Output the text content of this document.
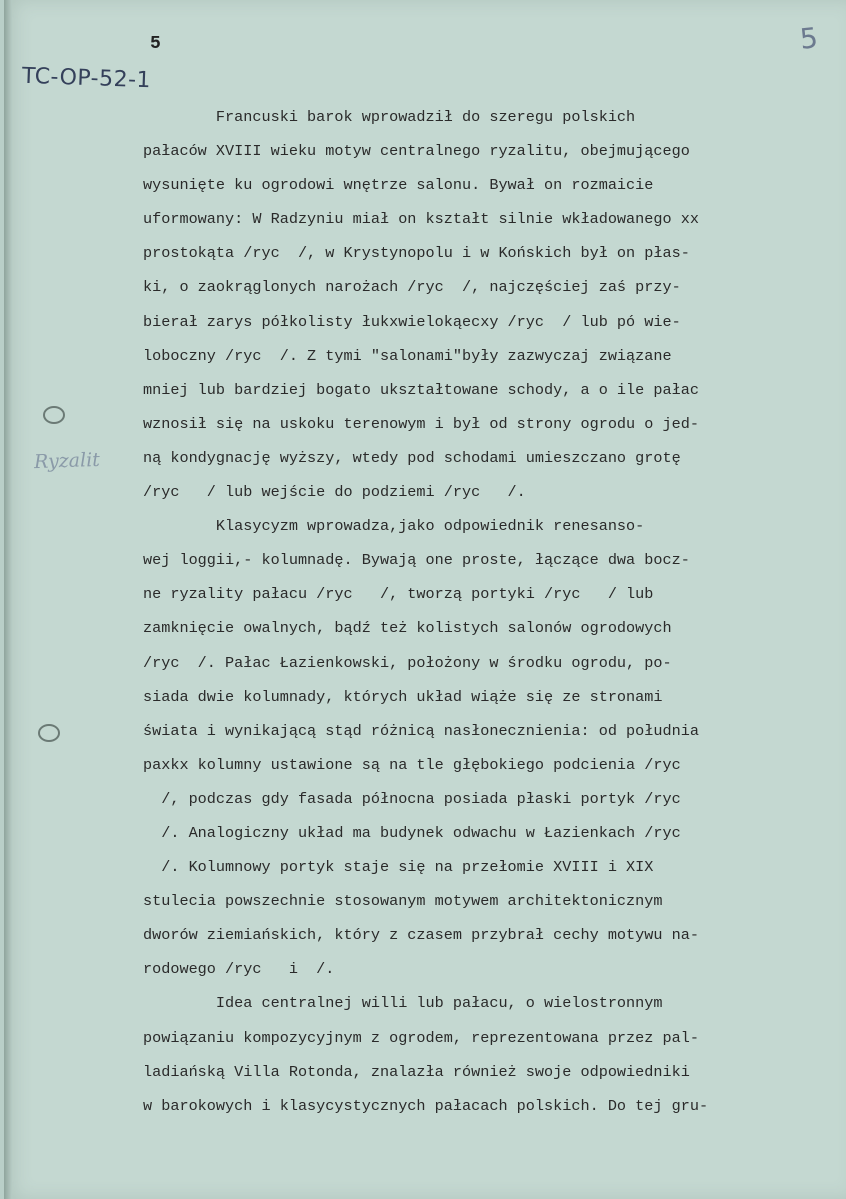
5	5
TC-OP-52-1
Ryzalit
Francuski barok wprowadził do szeregu polskich
pałaców XVIII wieku motyw centralnego ryzalitu, obejmującego
wysunięte ku ogrodowi wnętrze salonu. Bywał on rozmaicie
uformowany: W Radzyniu miał on kształt silnie wkładowanego xx
prostokąta /ryc  /, w Krystynopolu i w Końskich był on płas-
ki, o zaokrąglonych narożach /ryc  /, najczęściej zaś przy-
bierał zarys półkolisty łukxwielokąecxy /ryc  / lub pó wie-
loboczny /ryc  /. Z tymi "salonami"były zazwyczaj związane
mniej lub bardziej bogato ukształtowane schody, a o ile pałac
wznosił się na uskoku terenowym i był od strony ogrodu o jed-
ną kondygnację wyższy, wtedy pod schodami umieszczano grotę
/ryc   / lub wejście do podziemi /ryc   /.
Klasycyzm wprowadza,jako odpowiednik renesanso-
wej loggii,- kolumnadę. Bywają one proste, łączące dwa bocz-
ne ryzality pałacu /ryc   /, tworzą portyki /ryc   / lub
zamknięcie owalnych, bądź też kolistych salonów ogrodowych
/ryc  /. Pałac Łazienkowski, położony w środku ogrodu, po-
siada dwie kolumnady, których układ wiąże się ze stronami
świata i wynikającą stąd różnicą nasłonecznienia: od południa
paxkx kolumny ustawione są na tle głębokiego podcienia /ryc
/, podczas gdy fasada północna posiada płaski portyk /ryc
/. Analogiczny układ ma budynek odwachu w Łazienkach /ryc
/. Kolumnowy portyk staje się na przełomie XVIII i XIX
stulecia powszechnie stosowanym motywem architektonicznym
dworów ziemiańskich, który z czasem przybrał cechy motywu na-
rodowego /ryc   i  /.
Idea centralnej willi lub pałacu, o wielostronnym
powiązaniu kompozycyjnym z ogrodem, reprezentowana przez pal-
ladiańską Villa Rotonda, znalazła również swoje odpowiedniki
w barokowych i klasycystycznych pałacach polskich. Do tej gru-
